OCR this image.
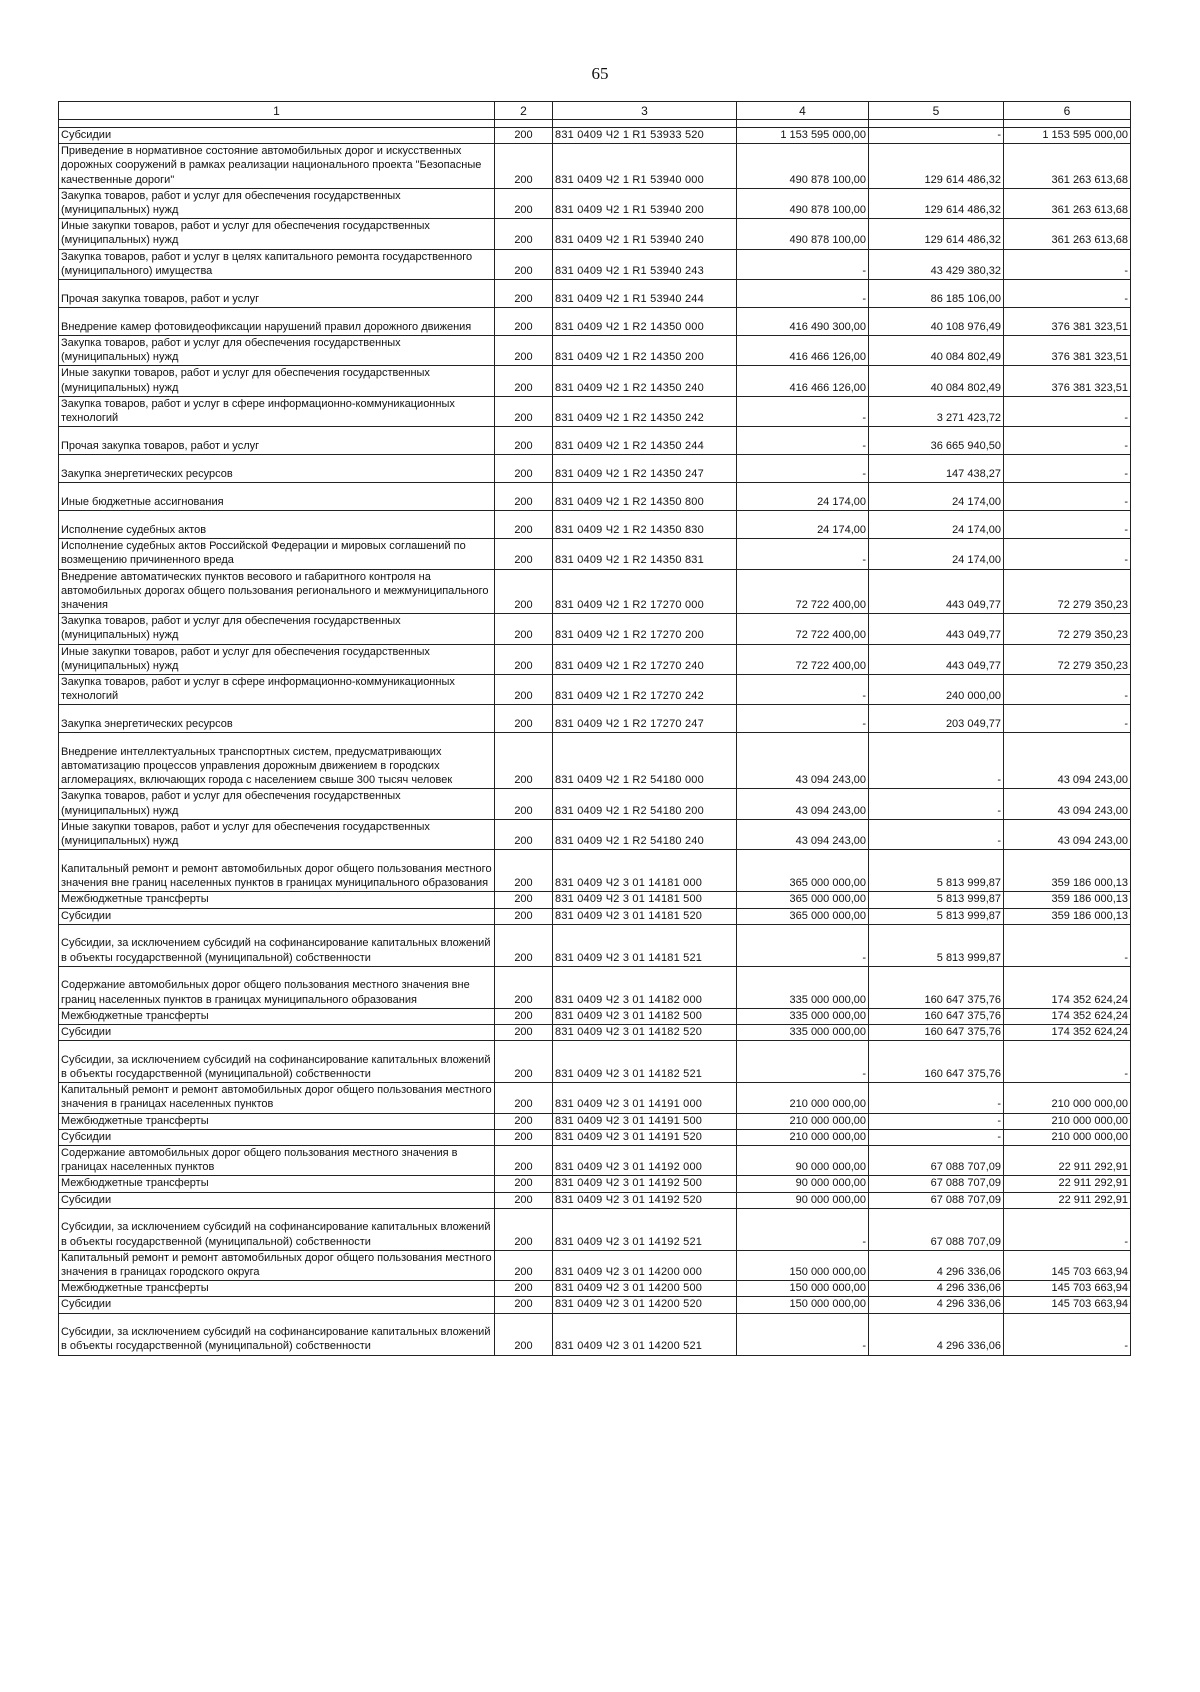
65
1	2	3	4	5	6

Субсидии	200	831 0409 Ч2 1 R1 53933 520	1 153 595 000,00	-	1 153 595 000,00
Приведение в нормативное состояние автомобильных дорог и искусственных дорожных сооружений в рамках реализации национального проекта "Безопасные качественные дороги"	200	831 0409 Ч2 1 R1 53940 000	490 878 100,00	129 614 486,32	361 263 613,68
Закупка товаров, работ и услуг для обеспечения государственных (муниципальных) нужд	200	831 0409 Ч2 1 R1 53940 200	490 878 100,00	129 614 486,32	361 263 613,68
Иные закупки товаров, работ и услуг для обеспечения государственных (муниципальных) нужд	200	831 0409 Ч2 1 R1 53940 240	490 878 100,00	129 614 486,32	361 263 613,68
Закупка товаров, работ и услуг в целях капитального ремонта государственного (муниципального) имущества	200	831 0409 Ч2 1 R1 53940 243	-	43 429 380,32	-
Прочая закупка товаров, работ и услуг	200	831 0409 Ч2 1 R1 53940 244	-	86 185 106,00	-
Внедрение камер фотовидеофиксации нарушений правил дорожного движения	200	831 0409 Ч2 1 R2 14350 000	416 490 300,00	40 108 976,49	376 381 323,51
Закупка товаров, работ и услуг для обеспечения государственных (муниципальных) нужд	200	831 0409 Ч2 1 R2 14350 200	416 466 126,00	40 084 802,49	376 381 323,51
Иные закупки товаров, работ и услуг для обеспечения государственных (муниципальных) нужд	200	831 0409 Ч2 1 R2 14350 240	416 466 126,00	40 084 802,49	376 381 323,51
Закупка товаров, работ и услуг в сфере информационно-коммуникационных технологий	200	831 0409 Ч2 1 R2 14350 242	-	3 271 423,72	-
Прочая закупка товаров, работ и услуг	200	831 0409 Ч2 1 R2 14350 244	-	36 665 940,50	-
Закупка энергетических ресурсов	200	831 0409 Ч2 1 R2 14350 247	-	147 438,27	-
Иные бюджетные ассигнования	200	831 0409 Ч2 1 R2 14350 800	24 174,00	24 174,00	-
Исполнение судебных актов	200	831 0409 Ч2 1 R2 14350 830	24 174,00	24 174,00	-
Исполнение судебных актов Российской Федерации и мировых соглашений по возмещению причиненного вреда	200	831 0409 Ч2 1 R2 14350 831	-	24 174,00	-
Внедрение автоматических пунктов весового и габаритного контроля на автомобильных дорогах общего пользования регионального и межмуниципального значения	200	831 0409 Ч2 1 R2 17270 000	72 722 400,00	443 049,77	72 279 350,23
Закупка товаров, работ и услуг для обеспечения государственных (муниципальных) нужд	200	831 0409 Ч2 1 R2 17270 200	72 722 400,00	443 049,77	72 279 350,23
Иные закупки товаров, работ и услуг для обеспечения государственных (муниципальных) нужд	200	831 0409 Ч2 1 R2 17270 240	72 722 400,00	443 049,77	72 279 350,23
Закупка товаров, работ и услуг в сфере информационно-коммуникационных технологий	200	831 0409 Ч2 1 R2 17270 242	-	240 000,00	-
Закупка энергетических ресурсов	200	831 0409 Ч2 1 R2 17270 247	-	203 049,77	-
Внедрение интеллектуальных транспортных систем, предусматривающих автоматизацию процессов управления дорожным движением в городских агломерациях, включающих города с населением свыше 300 тысяч человек	200	831 0409 Ч2 1 R2 54180 000	43 094 243,00	-	43 094 243,00
Закупка товаров, работ и услуг для обеспечения государственных (муниципальных) нужд	200	831 0409 Ч2 1 R2 54180 200	43 094 243,00	-	43 094 243,00
Иные закупки товаров, работ и услуг для обеспечения государственных (муниципальных) нужд	200	831 0409 Ч2 1 R2 54180 240	43 094 243,00	-	43 094 243,00
Капитальный ремонт и ремонт автомобильных дорог общего пользования местного значения вне границ населенных пунктов в границах муниципального образования	200	831 0409 Ч2 3 01 14181 000	365 000 000,00	5 813 999,87	359 186 000,13
Межбюджетные трансферты	200	831 0409 Ч2 3 01 14181 500	365 000 000,00	5 813 999,87	359 186 000,13
Субсидии	200	831 0409 Ч2 3 01 14181 520	365 000 000,00	5 813 999,87	359 186 000,13
Субсидии, за исключением субсидий на софинансирование капитальных вложений в объекты государственной (муниципальной) собственности	200	831 0409 Ч2 3 01 14181 521	-	5 813 999,87	-
Содержание автомобильных дорог общего пользования местного значения вне границ населенных пунктов в границах муниципального образования	200	831 0409 Ч2 3 01 14182 000	335 000 000,00	160 647 375,76	174 352 624,24
Межбюджетные трансферты	200	831 0409 Ч2 3 01 14182 500	335 000 000,00	160 647 375,76	174 352 624,24
Субсидии	200	831 0409 Ч2 3 01 14182 520	335 000 000,00	160 647 375,76	174 352 624,24
Субсидии, за исключением субсидий на софинансирование капитальных вложений в объекты государственной (муниципальной) собственности	200	831 0409 Ч2 3 01 14182 521	-	160 647 375,76	-
Капитальный ремонт и ремонт автомобильных дорог общего пользования местного значения в границах населенных пунктов	200	831 0409 Ч2 3 01 14191 000	210 000 000,00	-	210 000 000,00
Межбюджетные трансферты	200	831 0409 Ч2 3 01 14191 500	210 000 000,00	-	210 000 000,00
Субсидии	200	831 0409 Ч2 3 01 14191 520	210 000 000,00	-	210 000 000,00
Содержание автомобильных дорог общего пользования местного значения в границах населенных пунктов	200	831 0409 Ч2 3 01 14192 000	90 000 000,00	67 088 707,09	22 911 292,91
Межбюджетные трансферты	200	831 0409 Ч2 3 01 14192 500	90 000 000,00	67 088 707,09	22 911 292,91
Субсидии	200	831 0409 Ч2 3 01 14192 520	90 000 000,00	67 088 707,09	22 911 292,91
Субсидии, за исключением субсидий на софинансирование капитальных вложений в объекты государственной (муниципальной) собственности	200	831 0409 Ч2 3 01 14192 521	-	67 088 707,09	-
Капитальный ремонт и ремонт автомобильных дорог общего пользования местного значения в границах городского округа	200	831 0409 Ч2 3 01 14200 000	150 000 000,00	4 296 336,06	145 703 663,94
Межбюджетные трансферты	200	831 0409 Ч2 3 01 14200 500	150 000 000,00	4 296 336,06	145 703 663,94
Субсидии	200	831 0409 Ч2 3 01 14200 520	150 000 000,00	4 296 336,06	145 703 663,94
Субсидии, за исключением субсидий на софинансирование капитальных вложений в объекты государственной (муниципальной) собственности	200	831 0409 Ч2 3 01 14200 521	-	4 296 336,06	-
